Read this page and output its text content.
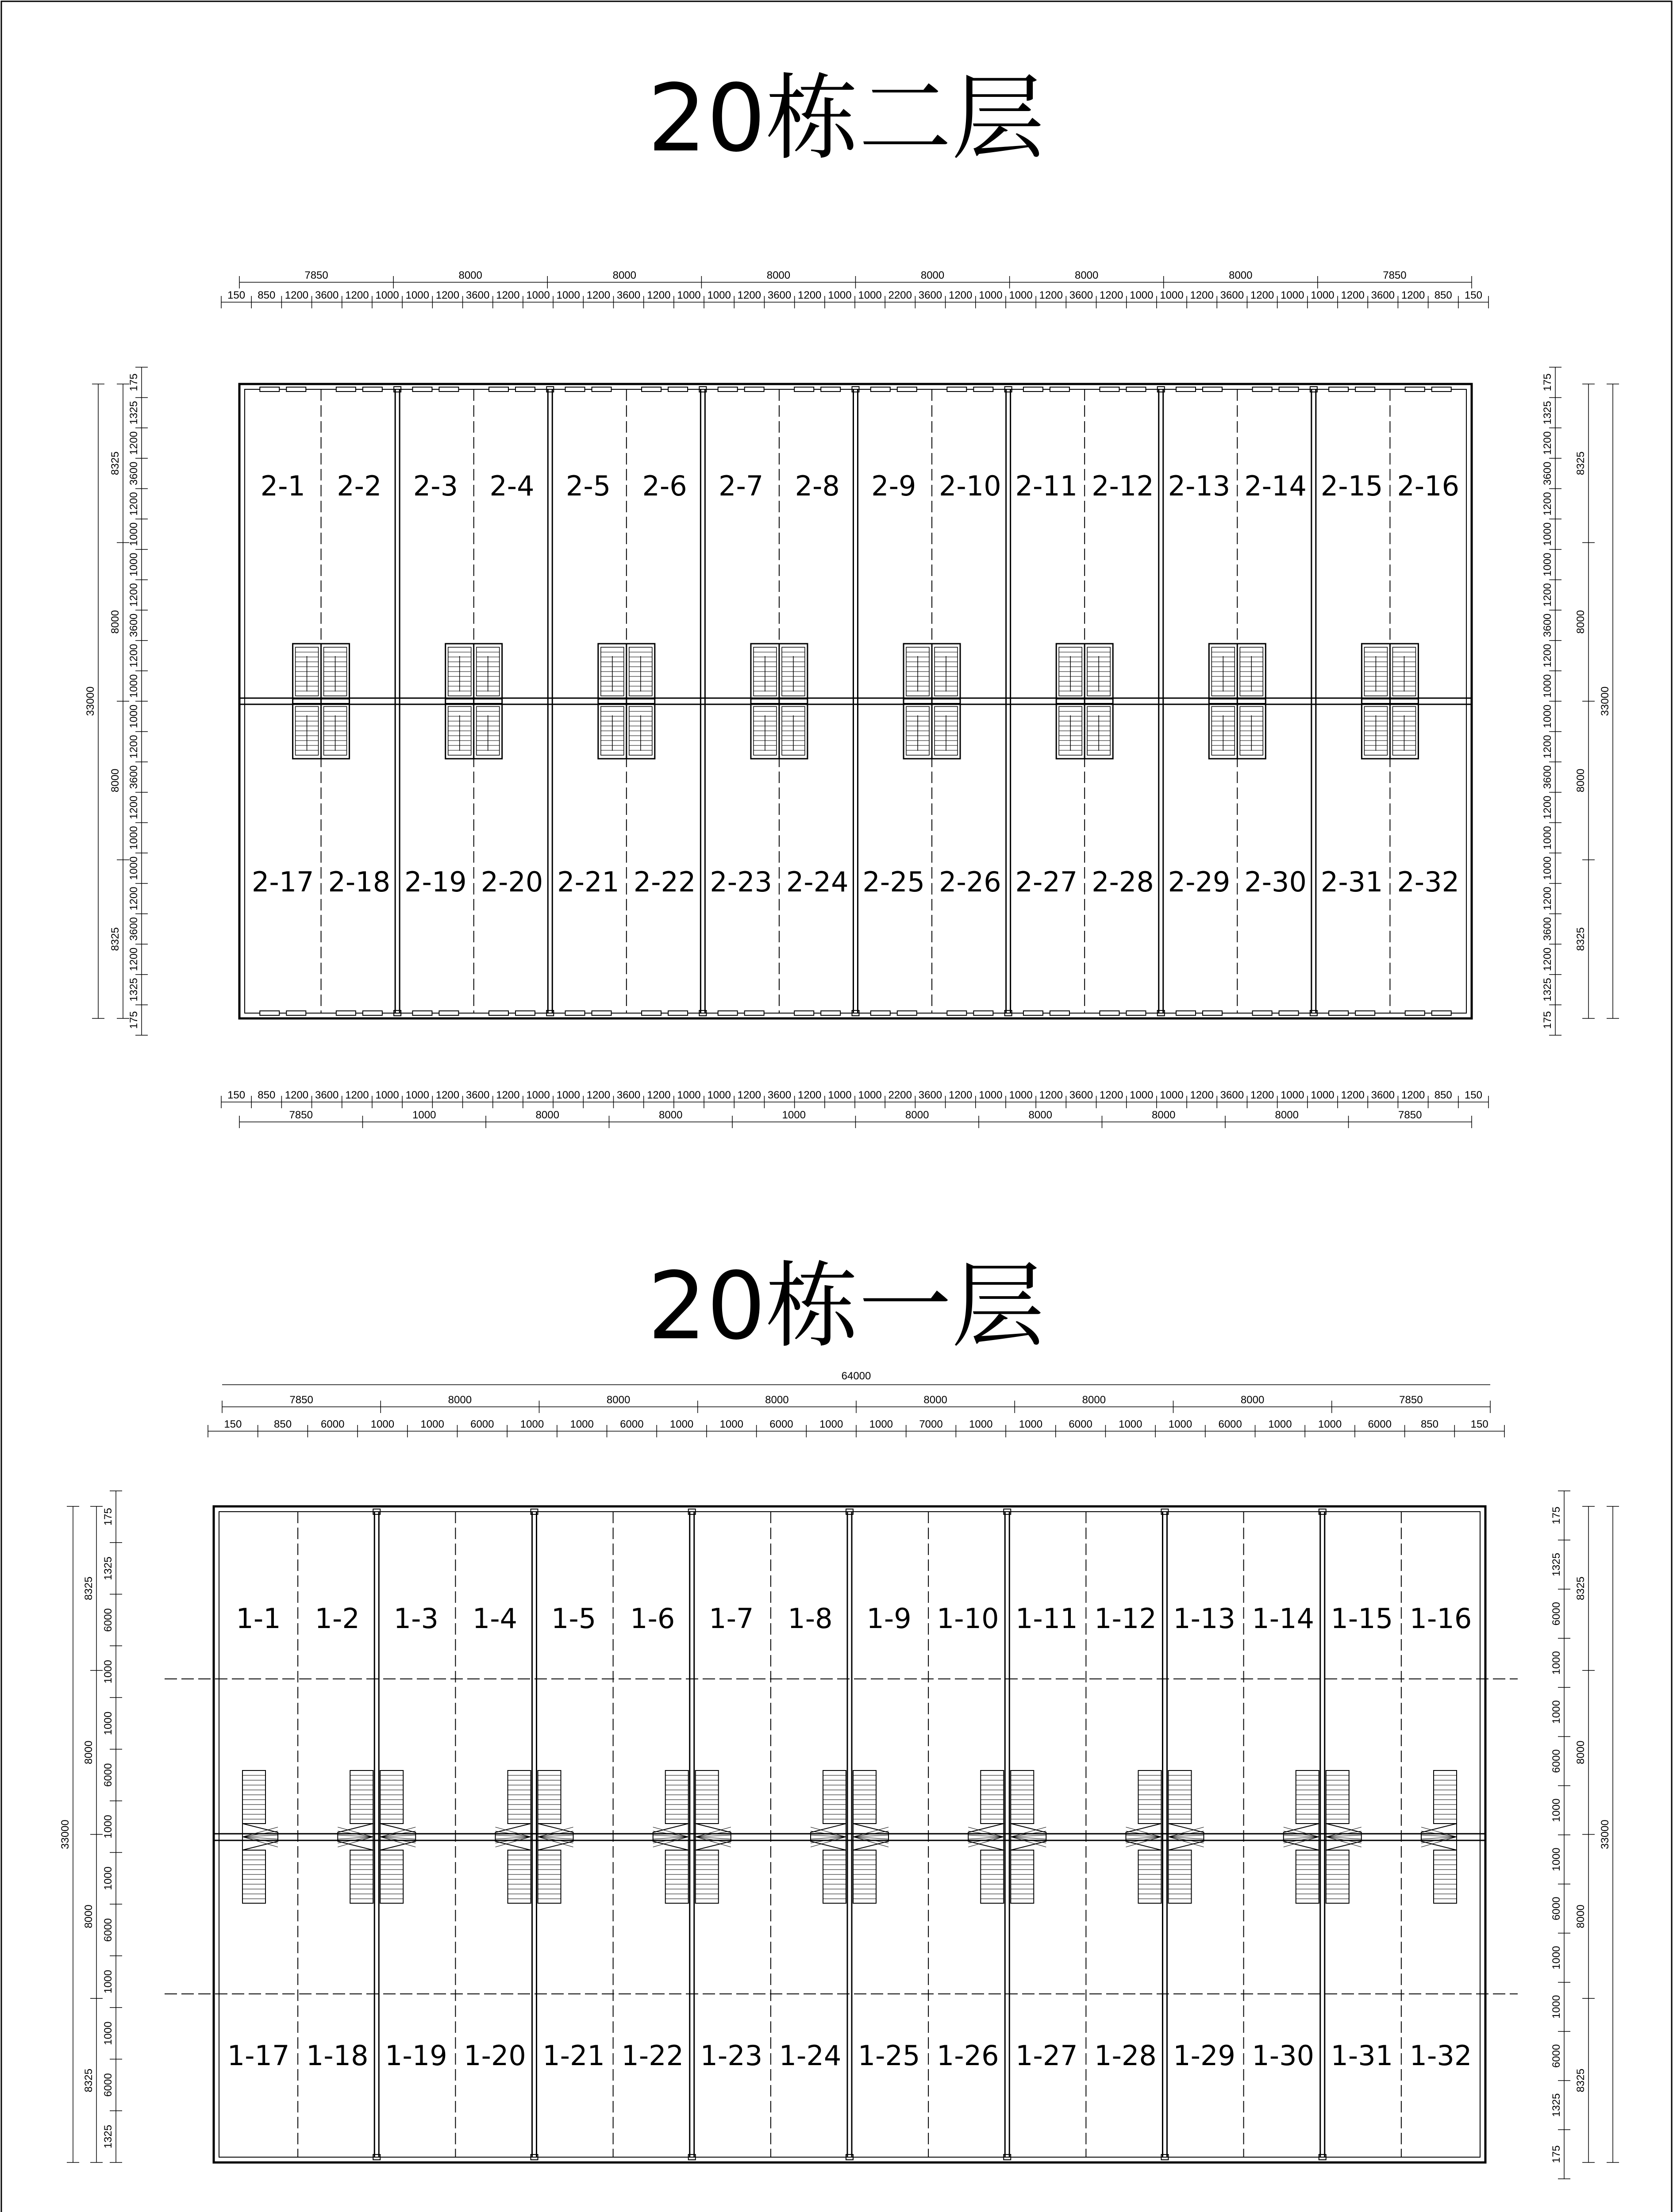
20栋二层
2-1 2-2 2-3 2-4 2-5 2-6 2-7 2-8 2-9 2-10 2-11 2-12 2-13 2-14 2-15 2-16
2-17 2-18 2-19 2-20 2-21 2-22 2-23 2-24 2-25 2-26 2-27 2-28 2-29 2-30 2-31 2-32
7850	8000	8000	8000	8000	8000	8000	7850
150 850 1200 3600 1200 1000 1000 1200 3600 1200 1000 1000 1200 3600 1200 1000 1000 1200 3600 1200 1000 1000 2200 3600 1200 1000 1000 1200 3600 1200 1000 1000 1200 3600 1200 1000 1000 1200 3600 1200 850 150
150 850 1200 3600 1200 1000 1000 1200 3600 1200 1000 1000 1200 3600 1200 1000 1000 1200 3600 1200 1000 1000 2200 3600 1200 1000 1000 1200 3600 1200 1000 1000 1200 3600 1200 1000 1000 1200 3600 1200 850 150
7850	1000	8000	8000	1000	8000	8000	8000	8000	7850
33000
8325
8000
8000
8325
175
1325
1200
3600
1200
1000
1000
1200
3600
1200
1000
1000
1200
3600
1200
1000
1000
1200
3600
1200
1325
175
175
1325
1200
3600
1200
1000
1000
1200
3600
1200
1000
1000
1200
3600
1200
1000
1000
1200
3600
1200
1325
175
8325
8000
8000
8325
33000
20栋一层
1-1 1-2 1-3 1-4 1-5 1-6 1-7 1-8 1-9 1-10 1-11 1-12 1-13 1-14 1-15 1-16
1-17 1-18 1-19 1-20 1-21 1-22 1-23 1-24 1-25 1-26 1-27 1-28 1-29 1-30 1-31 1-32
64000
7850	8000	8000	8000	8000	8000	8000	7850
150	850	6000 1000 1000 6000 1000 1000 6000 1000 1000 6000 1000 1000 7000 1000 1000 6000 1000 1000 6000 1000 1000 6000	850	150
33000
8325
8000
8000
8325
175
1325
6000
1000
1000
6000
1000
1000
6000
1000
1000
6000
1325
175
1325
6000
1000
1000
6000
1000
1000
6000
1000
1000
6000
1325
175
8325
8000
8000
8325
33000
